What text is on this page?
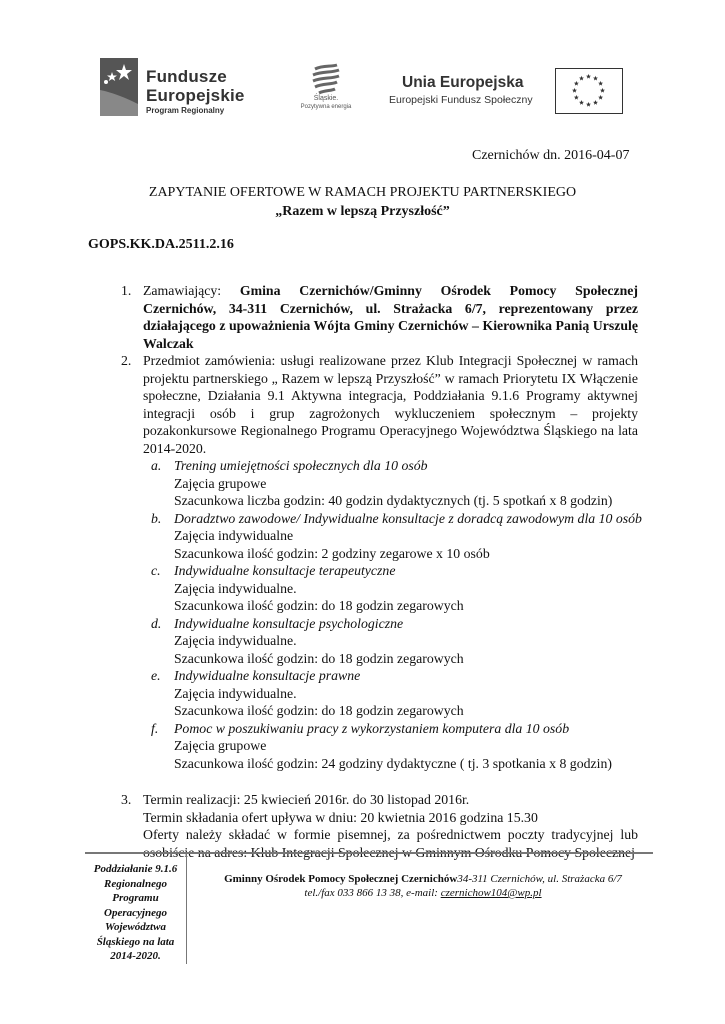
Fundusze
Europejskie
Program Regionalny
Śląskie.
Pozytywna energia
Unia Europejska
Europejski Fundusz Społeczny
Czernichów dn. 2016-04-07
ZAPYTANIE OFERTOWE W RAMACH PROJEKTU PARTNERSKIEGO
„Razem w lepszą Przyszłość”
GOPS.KK.DA.2511.2.16
1. Zamawiający: Gmina Czernichów/Gminny Ośrodek Pomocy Społecznej Czernichów, 34-311 Czernichów, ul. Strażacka 6/7, reprezentowany przez działającego z upoważnienia Wójta Gminy Czernichów – Kierownika Panią Urszulę Walczak
2. Przedmiot zamówienia: usługi realizowane przez Klub Integracji Społecznej w ramach projektu partnerskiego „ Razem w lepszą Przyszłość” w ramach Priorytetu IX Włączenie społeczne, Działania 9.1 Aktywna integracja, Poddziałania 9.1.6 Programy aktywnej integracji osób i grup zagrożonych wykluczeniem społecznym – projekty pozakonkursowe Regionalnego Programu Operacyjnego Województwa Śląskiego na lata 2014-2020.
a. Trening umiejętności społecznych dla 10 osób
Zajęcia grupowe
Szacunkowa liczba godzin: 40 godzin dydaktycznych (tj. 5 spotkań x 8 godzin)
b. Doradztwo zawodowe/ Indywidualne konsultacje z doradcą zawodowym dla 10 osób
Zajęcia indywidualne
Szacunkowa ilość godzin: 2 godziny zegarowe x 10 osób
c. Indywidualne konsultacje terapeutyczne
Zajęcia indywidualne.
Szacunkowa ilość godzin: do 18 godzin zegarowych
d. Indywidualne konsultacje psychologiczne
Zajęcia indywidualne.
Szacunkowa ilość godzin: do 18 godzin zegarowych
e. Indywidualne konsultacje prawne
Zajęcia indywidualne.
Szacunkowa ilość godzin: do 18 godzin zegarowych
f. Pomoc w poszukiwaniu pracy z wykorzystaniem komputera dla 10 osób
Zajęcia grupowe
Szacunkowa ilość godzin: 24 godziny dydaktyczne ( tj. 3 spotkania x 8 godzin)
3. Termin realizacji: 25 kwiecień 2016r. do 30 listopad 2016r.
Termin składania ofert upływa w dniu: 20 kwietnia 2016 godzina 15.30
Oferty należy składać w formie pisemnej, za pośrednictwem poczty tradycyjnej lub osobiście na adres: Klub Integracji Społecznej w Gminnym Ośrodku Pomocy Społecznej
Poddziałanie 9.1.6
Regionalnego
Programu
Operacyjnego
Województwa
Śląskiego na lata
2014-2020.
Gminny Ośrodek Pomocy Społecznej Czernichów34-311 Czernichów, ul. Strażacka 6/7
tel./fax 033 866 13 38, e-mail: czernichow104@wp.pl
